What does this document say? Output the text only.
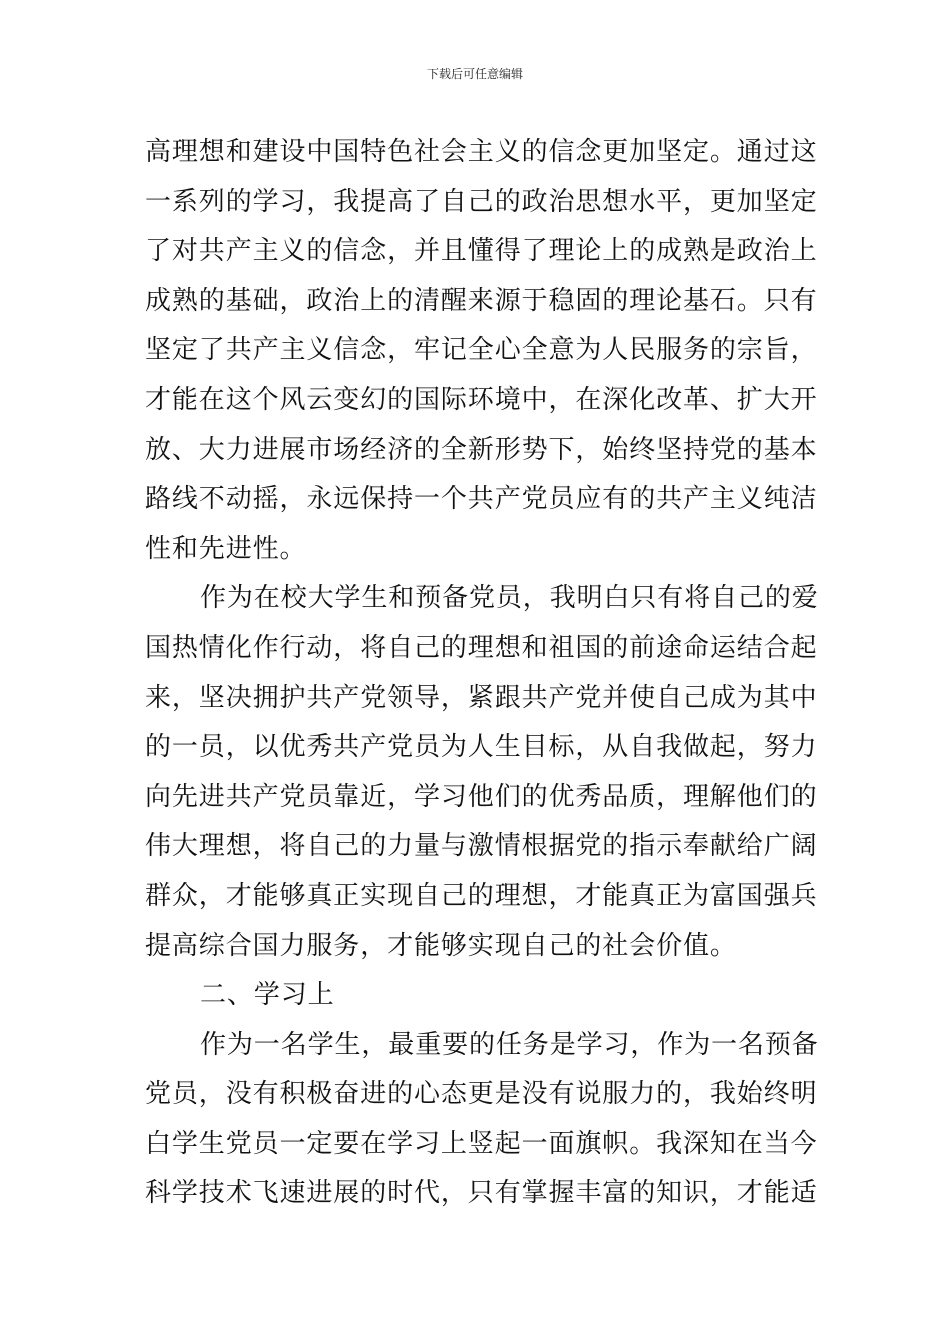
下载后可任意编辑
高理想和建设中国特色社会主义的信念更加坚定。通过这
一系列的学习，我提高了自己的政治思想水平，更加坚定
了对共产主义的信念，并且懂得了理论上的成熟是政治上
成熟的基础，政治上的清醒来源于稳固的理论基石。只有
坚定了共产主义信念，牢记全心全意为人民服务的宗旨，
才能在这个风云变幻的国际环境中，在深化改革、扩大开
放、大力进展市场经济的全新形势下，始终坚持党的基本
路线不动摇，永远保持一个共产党员应有的共产主义纯洁
性和先进性。
作为在校大学生和预备党员，我明白只有将自己的爱
国热情化作行动，将自己的理想和祖国的前途命运结合起
来，坚决拥护共产党领导，紧跟共产党并使自己成为其中
的一员，以优秀共产党员为人生目标，从自我做起，努力
向先进共产党员靠近，学习他们的优秀品质，理解他们的
伟大理想，将自己的力量与激情根据党的指示奉献给广阔
群众，才能够真正实现自己的理想，才能真正为富国强兵
提高综合国力服务，才能够实现自己的社会价值。
二、学习上
作为一名学生，最重要的任务是学习，作为一名预备
党员，没有积极奋进的心态更是没有说服力的，我始终明
白学生党员一定要在学习上竖起一面旗帜。我深知在当今
科学技术飞速进展的时代，只有掌握丰富的知识，才能适
